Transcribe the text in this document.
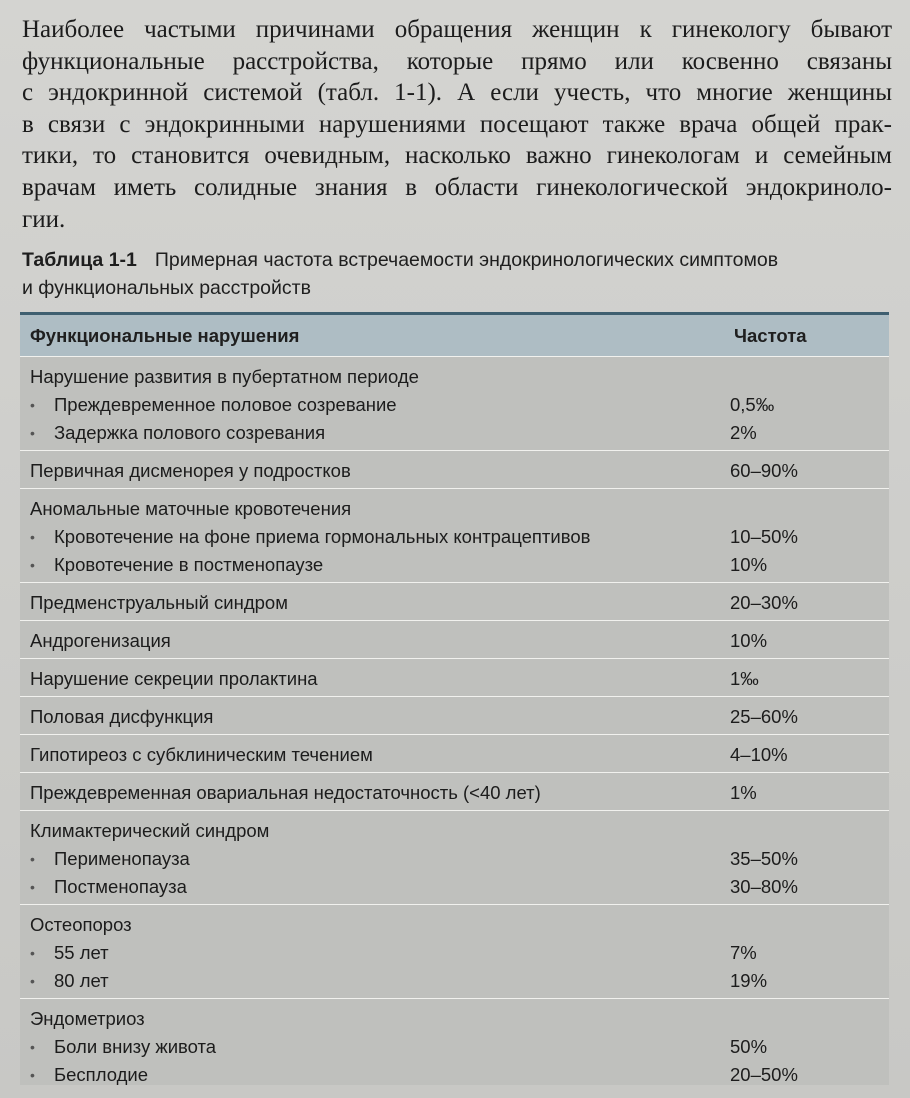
Наиболее частыми причинами обращения женщин к гинекологу бывают
функциональные расстройства, которые прямо или косвенно связаны
с эндокринной системой (табл. 1-1). А если учесть, что многие женщины
в связи с эндокринными нарушениями посещают также врача общей прак-
тики, то становится очевидным, насколько важно гинекологам и семейным
врачам иметь солидные знания в области гинекологической эндокриноло-
гии.
Таблица 1-1 Примерная частота встречаемости эндокринологических симптомов
и функциональных расстройств
Функциональные нарушения	Частота
Нарушение развития в пубертатном периоде
• Преждевременное половое созревание	0,5‰
• Задержка полового созревания	2%
Первичная дисменорея у подростков	60–90%
Аномальные маточные кровотечения
• Кровотечение на фоне приема гормональных контрацептивов	10–50%
• Кровотечение в постменопаузе	10%
Предменструальный синдром	20–30%
Андрогенизация	10%
Нарушение секреции пролактина	1‰
Половая дисфункция	25–60%
Гипотиреоз с субклиническим течением	4–10%
Преждевременная овариальная недостаточность (<40 лет)	1%
Климактерический синдром
• Перименопауза	35–50%
• Постменопауза	30–80%
Остеопороз
• 55 лет	7%
• 80 лет	19%
Эндометриоз
• Боли внизу живота	50%
• Бесплодие	20–50%
